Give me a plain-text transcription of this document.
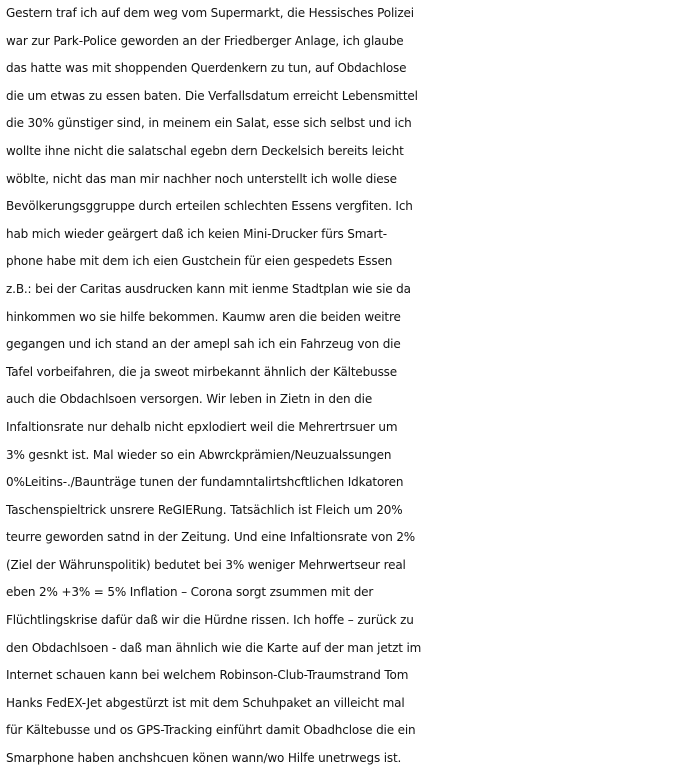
Gestern traf ich auf dem weg vom Supermarkt, die Hessisches Polizei
war zur Park-Police geworden an der Friedberger Anlage, ich glaube
das hatte was mit shoppenden Querdenkern zu tun, auf Obdachlose
die um etwas zu essen baten. Die Verfallsdatum erreicht Lebensmittel
die 30% günstiger sind, in meinem ein Salat, esse sich selbst und ich
wollte ihne nicht die salatschal egebn dern Deckelsich bereits leicht
wöblte, nicht das man mir nachher noch unterstellt ich wolle diese
Bevölkerungsggruppe durch erteilen schlechten Essens vergfiten. Ich
hab mich wieder geärgert daß ich keien Mini-Drucker fürs Smart-
phone habe mit dem ich eien Gustchein für eien gespedets Essen
z.B.: bei der Caritas ausdrucken kann mit ienme Stadtplan wie sie da
hinkommen wo sie hilfe bekommen. Kaumw aren die beiden weitre
gegangen und ich stand an der amepl sah ich ein Fahrzeug von die
Tafel vorbeifahren, die ja sweot mirbekannt ähnlich der Kältebusse
auch die Obdachlsoen versorgen. Wir leben in Zietn in den die
Infaltionsrate nur dehalb nicht epxlodiert weil die Mehrertrsuer um
3% gesnkt ist. Mal wieder so ein Abwrckprämien/Neuzualssungen
0%Leitins-./Baunträge tunen der fundamntalirtshcftlichen Idkatoren
Taschenspieltrick unsrere ReGIERung. Tatsächlich ist Fleich um 20%
teurre geworden satnd in der Zeitung. Und eine Infaltionsrate von 2%
(Ziel der Währunspolitik) bedutet bei 3% weniger Mehrwertseur real
eben 2% +3% = 5% Inflation – Corona sorgt zsummen mit der
Flüchtlingskrise dafür daß wir die Hürdne rissen. Ich hoffe – zurück zu
den Obdachlsoen - daß man ähnlich wie die Karte auf der man jetzt im
Internet schauen kann bei welchem Robinson-Club-Traumstrand Tom
Hanks FedEX-Jet abgestürzt ist mit dem Schuhpaket an villeicht mal
für Kältebusse und os GPS-Tracking einführt damit Obadhclose die ein
Smarphone haben anchshcuen könen wann/wo Hilfe unetrwegs ist.
